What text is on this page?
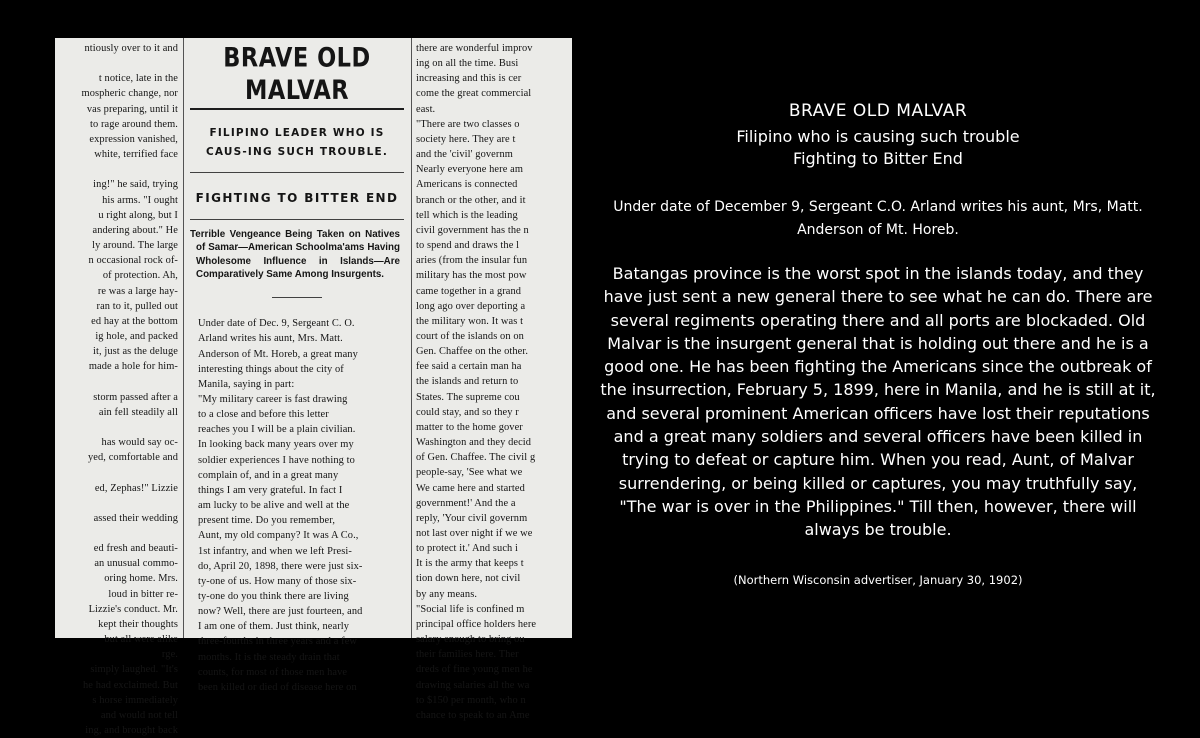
ntiously over to it and

t notice, late in the
mospheric change, nor
vas preparing, until it
to rage around them.
expression vanished,
white, terrified face

ing!" he said, trying
his arms. "I ought
u right along, but I
andering about." He
ly around. The large
n occasional rock of-
of protection. Ah,
re was a large hay-
ran to it, pulled out
ed hay at the bottom
ig hole, and packed
it, just as the deluge
made a hole for him-

storm passed after a
ain fell steadily all

has would say oc-
yed, comfortable and

ed, Zephas!" Lizzie

assed their wedding

ed fresh and beauti-
an unusual commo-
oring home. Mrs.
loud in bitter re-
Lizzie's conduct. Mr.
kept their thoughts
but all were alike
rge.
simply laughed. "It's
he had exclaimed. But
s horse immediately
and would not tell
ing, and brought back
BRAVE OLD MALVAR
FILIPINO LEADER WHO IS CAUS-ING SUCH TROUBLE.
FIGHTING TO BITTER END
Terrible Vengeance Being Taken on Natives of Samar—American Schoolma'ams Having Wholesome Influence in Islands—Are Comparatively Same Among Insurgents.
Under date of Dec. 9, Sergeant C. O.
Arland writes his aunt, Mrs. Matt.
Anderson of Mt. Horeb, a great many
interesting things about the city of
Manila, saying in part:
"My military career is fast drawing
to a close and before this letter
reaches you I will be a plain civilian.
In looking back many years over my
soldier experiences I have nothing to
complain of, and in a great many
things I am very grateful. In fact I
am lucky to be alive and well at the
present time. Do you remember,
Aunt, my old company? It was A Co.,
1st infantry, and when we left Presi-
do, April 20, 1898, there were just six-
ty-one of us. How many of those six-
ty-one do you think there are living
now? Well, there are just fourteen, and
I am one of them. Just think, nearly
three-fourths in three years and a few
months. It is the steady drain that
counts, for most of those men have
been killed or died of disease here on
there are wonderful improv
ing on all the time. Busi
increasing and this is cer
come the great commercial
east.
"There are two classes o
society here. They are t
and the 'civil' governm
Nearly everyone here am
Americans is connected
branch or the other, and it
tell which is the leading
civil government has the n
to spend and draws the l
aries (from the insular fun
military has the most pow
came together in a grand
long ago over deporting a
the military won. It was t
court of the islands on on
Gen. Chaffee on the other.
fee said a certain man ha
the islands and return to
States. The supreme cou
could stay, and so they r
matter to the home gover
Washington and they decid
of Gen. Chaffee. The civil g
people-say, 'See what we
We came here and started
government!' And the a
reply, 'Your civil governm
not last over night if we we
to protect it.' And such i
It is the army that keeps t
tion down here, not civil
by any means.
"Social life is confined m
principal office holders here
salary enough to bring ou
their families here. Ther
dreds of fine young men he
drawing salaries all the wa
to $150 per month, who n
chance to speak to an Ame
BRAVE OLD MALVAR
Filipino who is causing such trouble
Fighting to Bitter End
Under date of December 9, Sergeant C.O. Arland writes his aunt, Mrs, Matt. Anderson of Mt. Horeb.
Batangas province is the worst spot in the islands today, and they have just sent a new general there to see what he can do. There are several regiments operating there and all ports are blockaded. Old Malvar is the insurgent general that is holding out there and he is a good one. He has been fighting the Americans since the outbreak of the insurrection, February 5, 1899, here in Manila, and he is still at it, and several prominent American officers have lost their reputations and a great many soldiers and several officers have been killed in trying to defeat or capture him. When you read, Aunt, of Malvar surrendering, or being killed or captures, you may truthfully say, "The war is over in the Philippines." Till then, however, there will always be trouble.
(Northern Wisconsin advertiser, January 30, 1902)
